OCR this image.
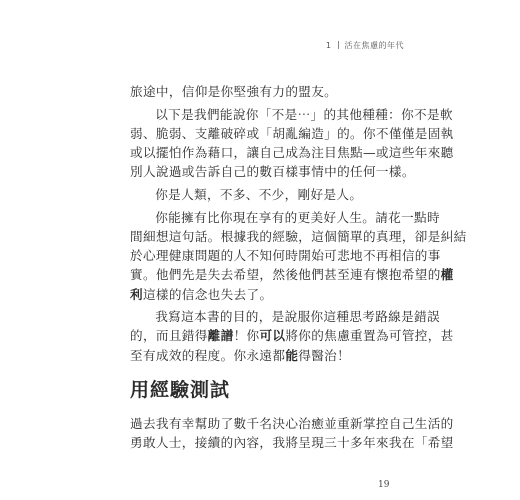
1 活在焦慮的年代

旅途中，信仰是你堅強有力的盟友。

以下是我們能說你「不是⋯」的其他種種：你不是軟
弱、脆弱、支離破碎或「胡亂編造」的。你不僅僅是固執
或以擺怕作為藉口，讓自己成為注目焦點—或這些年來聽
別人說過或告訴自己的數百樣事情中的任何一樣。

你是人類，不多、不少，剛好是人。

你能擁有比你現在享有的更美好人生。請花一點時
間細想這句話。根據我的經驗，這個簡單的真理，卻是糾結
於心理健康問題的人不知何時開始可悲地不再相信的事
實。他們先是失去希望，然後他們甚至連有懷抱希望的權
利這樣的信念也失去了。

我寫這本書的目的，是說服你這種思考路線是錯誤
的，而且錯得離譜！你可以將你的焦慮重置為可管控，甚
至有成效的程度。你永遠都能得醫治！

用經驗測試

過去我有幸幫助了數千名決心治癒並重新掌控自己生活的
勇敢人士，接續的內容，我將呈現三十多年來我在「希望

19
